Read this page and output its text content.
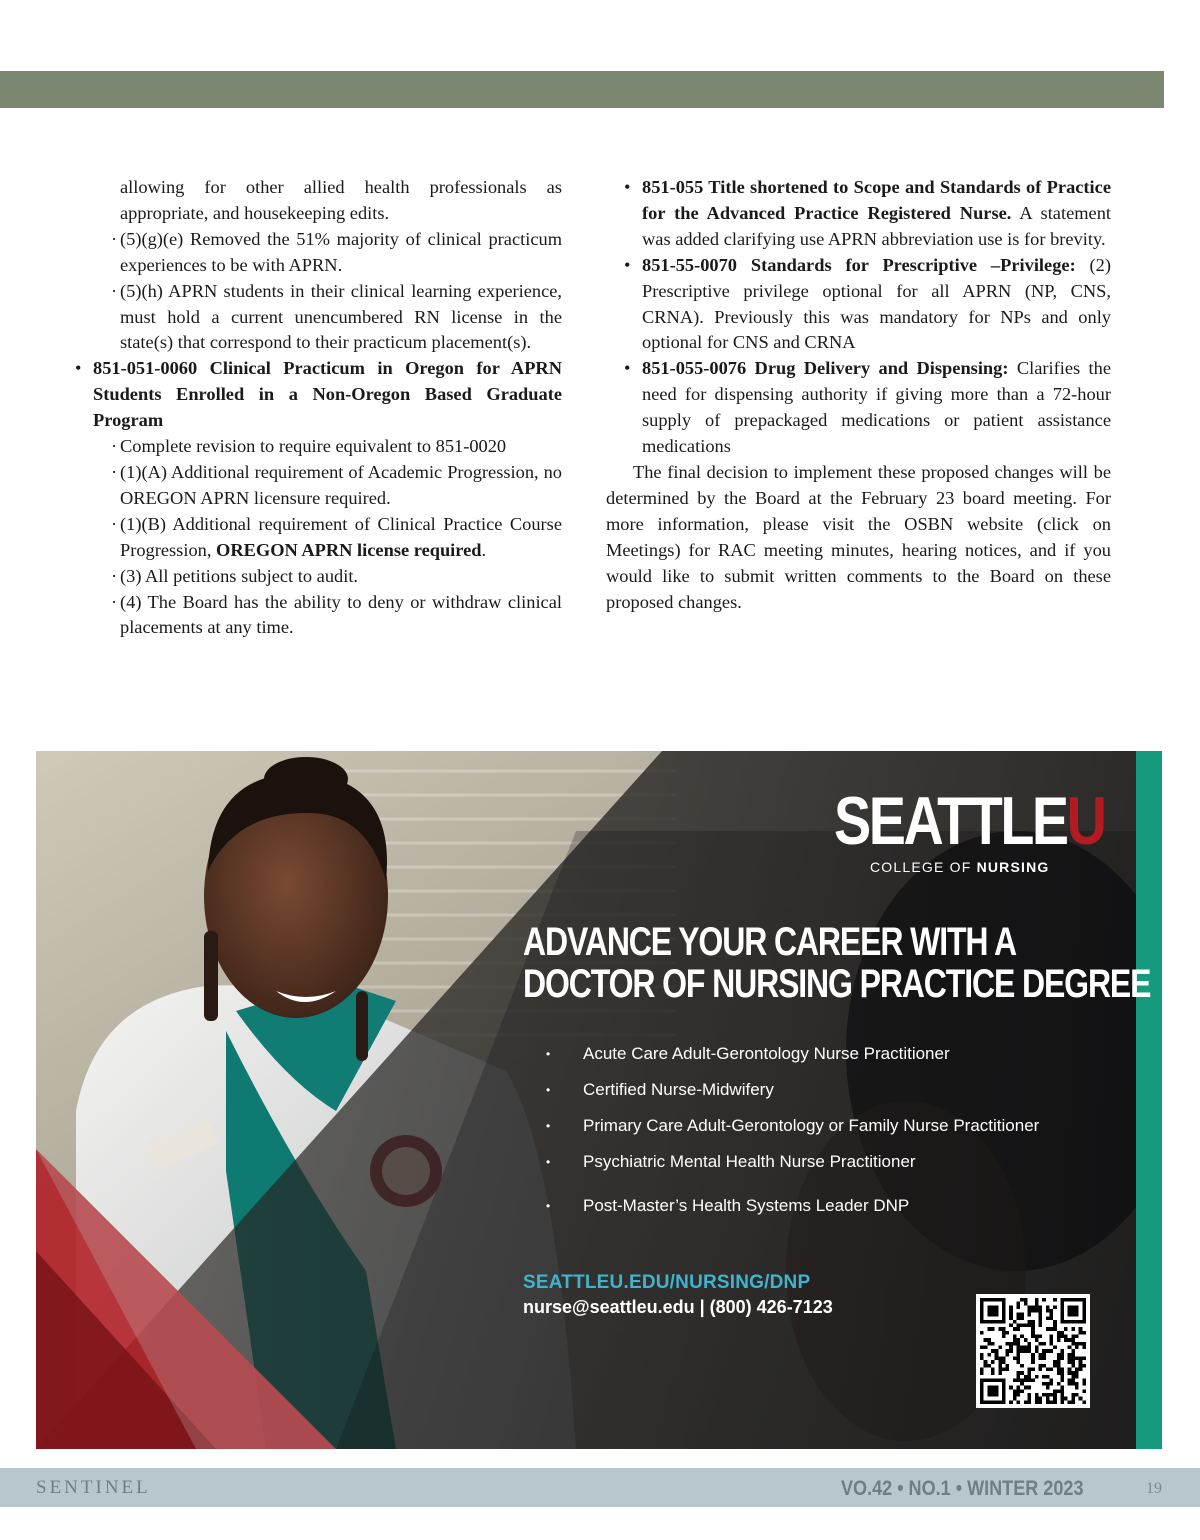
allowing for other allied health professionals as appropriate, and housekeeping edits.
· (5)(g)(e) Removed the 51% majority of clinical practicum experiences to be with APRN.
· (5)(h) APRN students in their clinical learning experience, must hold a current unencumbered RN license in the state(s) that correspond to their practicum placement(s).
• 851-051-0060 Clinical Practicum in Oregon for APRN Students Enrolled in a Non-Oregon Based Graduate Program
· Complete revision to require equivalent to 851-0020
· (1)(A) Additional requirement of Academic Progression, no OREGON APRN licensure required.
· (1)(B) Additional requirement of Clinical Practice Course Progression, OREGON APRN license required.
· (3) All petitions subject to audit.
· (4) The Board has the ability to deny or withdraw clinical placements at any time.
• 851-055 Title shortened to Scope and Standards of Practice for the Advanced Practice Registered Nurse. A statement was added clarifying use APRN abbreviation use is for brevity.
• 851-55-0070 Standards for Prescriptive –Privilege: (2) Prescriptive privilege optional for all APRN (NP, CNS, CRNA). Previously this was mandatory for NPs and only optional for CNS and CRNA
• 851-055-0076 Drug Delivery and Dispensing: Clarifies the need for dispensing authority if giving more than a 72-hour supply of prepackaged medications or patient assistance medications

The final decision to implement these proposed changes will be determined by the Board at the February 23 board meeting. For more information, please visit the OSBN website (click on Meetings) for RAC meeting minutes, hearing notices, and if you would like to submit written comments to the Board on these proposed changes.

SEATTLEU
COLLEGE OF NURSING
ADVANCE YOUR CAREER WITH A
DOCTOR OF NURSING PRACTICE DEGREE
• Acute Care Adult-Gerontology Nurse Practitioner
• Certified Nurse-Midwifery
• Primary Care Adult-Gerontology or Family Nurse Practitioner
• Psychiatric Mental Health Nurse Practitioner
• Post-Master’s Health Systems Leader DNP
SEATTLEU.EDU/NURSING/DNP
nurse@seattleu.edu | (800) 426-7123
SENTINEL	VO.42 • NO.1 • WINTER 2023	19
